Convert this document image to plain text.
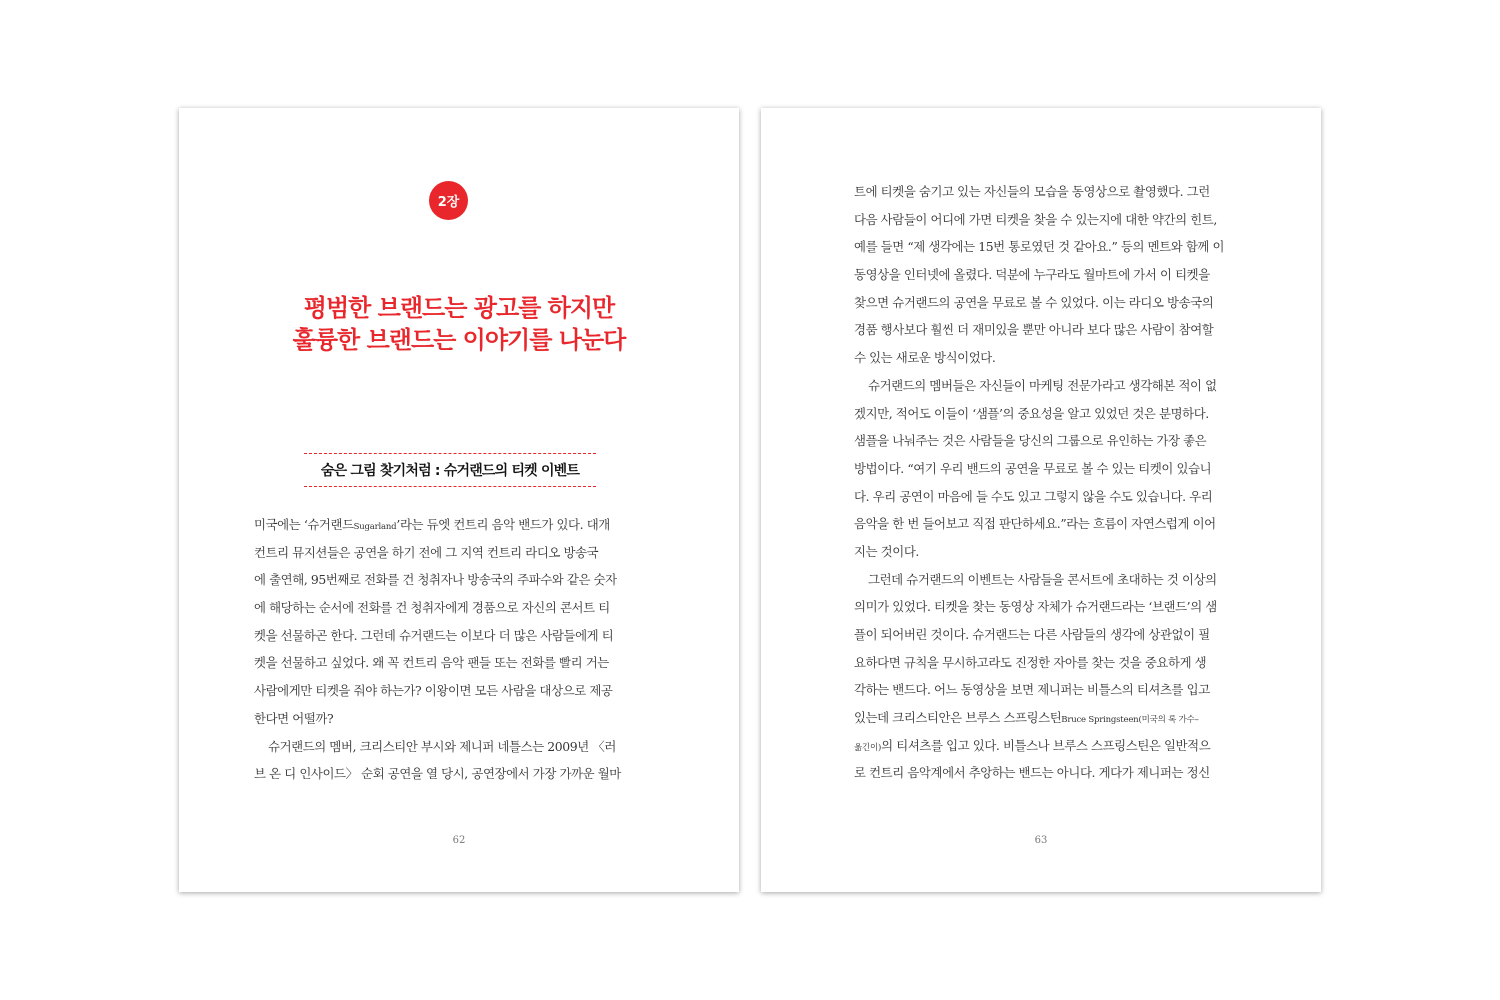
2장
평범한 브랜드는 광고를 하지만
훌륭한 브랜드는 이야기를 나눈다
숨은 그림 찾기처럼 : 슈거랜드의 티켓 이벤트
미국에는 ‘슈거랜드Sugarland’라는 듀엣 컨트리 음악 밴드가 있다. 대개
컨트리 뮤지션들은 공연을 하기 전에 그 지역 컨트리 라디오 방송국
에 출연해, 95번째로 전화를 건 청취자나 방송국의 주파수와 같은 숫자
에 해당하는 순서에 전화를 건 청취자에게 경품으로 자신의 콘서트 티
켓을 선물하곤 한다. 그런데 슈거랜드는 이보다 더 많은 사람들에게 티
켓을 선물하고 싶었다. 왜 꼭 컨트리 음악 팬들 또는 전화를 빨리 거는
사람에게만 티켓을 줘야 하는가? 이왕이면 모든 사람을 대상으로 제공
한다면 어떨까?
슈거랜드의 멤버, 크리스티안 부시와 제니퍼 네틀스는 2009년 〈러
브 온 디 인사이드〉 순회 공연을 열 당시, 공연장에서 가장 가까운 월마
62
트에 티켓을 숨기고 있는 자신들의 모습을 동영상으로 촬영했다. 그런
다음 사람들이 어디에 가면 티켓을 찾을 수 있는지에 대한 약간의 힌트,
예를 들면 “제 생각에는 15번 통로였던 것 같아요.” 등의 멘트와 함께 이
동영상을 인터넷에 올렸다. 덕분에 누구라도 월마트에 가서 이 티켓을
찾으면 슈거랜드의 공연을 무료로 볼 수 있었다. 이는 라디오 방송국의
경품 행사보다 훨씬 더 재미있을 뿐만 아니라 보다 많은 사람이 참여할
수 있는 새로운 방식이었다.
슈거랜드의 멤버들은 자신들이 마케팅 전문가라고 생각해본 적이 없
겠지만, 적어도 이들이 ‘샘플’의 중요성을 알고 있었던 것은 분명하다.
샘플을 나눠주는 것은 사람들을 당신의 그룹으로 유인하는 가장 좋은
방법이다. “여기 우리 밴드의 공연을 무료로 볼 수 있는 티켓이 있습니
다. 우리 공연이 마음에 들 수도 있고 그렇지 않을 수도 있습니다. 우리
음악을 한 번 들어보고 직접 판단하세요.”라는 흐름이 자연스럽게 이어
지는 것이다.
그런데 슈거랜드의 이벤트는 사람들을 콘서트에 초대하는 것 이상의
의미가 있었다. 티켓을 찾는 동영상 자체가 슈거랜드라는 ‘브랜드’의 샘
플이 되어버린 것이다. 슈거랜드는 다른 사람들의 생각에 상관없이 필
요하다면 규칙을 무시하고라도 진정한 자아를 찾는 것을 중요하게 생
각하는 밴드다. 어느 동영상을 보면 제니퍼는 비틀스의 티셔츠를 입고
있는데 크리스티안은 브루스 스프링스틴Bruce Springsteen(미국의 록 가수–
옮긴이)의 티셔츠를 입고 있다. 비틀스나 브루스 스프링스틴은 일반적으
로 컨트리 음악계에서 추앙하는 밴드는 아니다. 게다가 제니퍼는 정신
63
